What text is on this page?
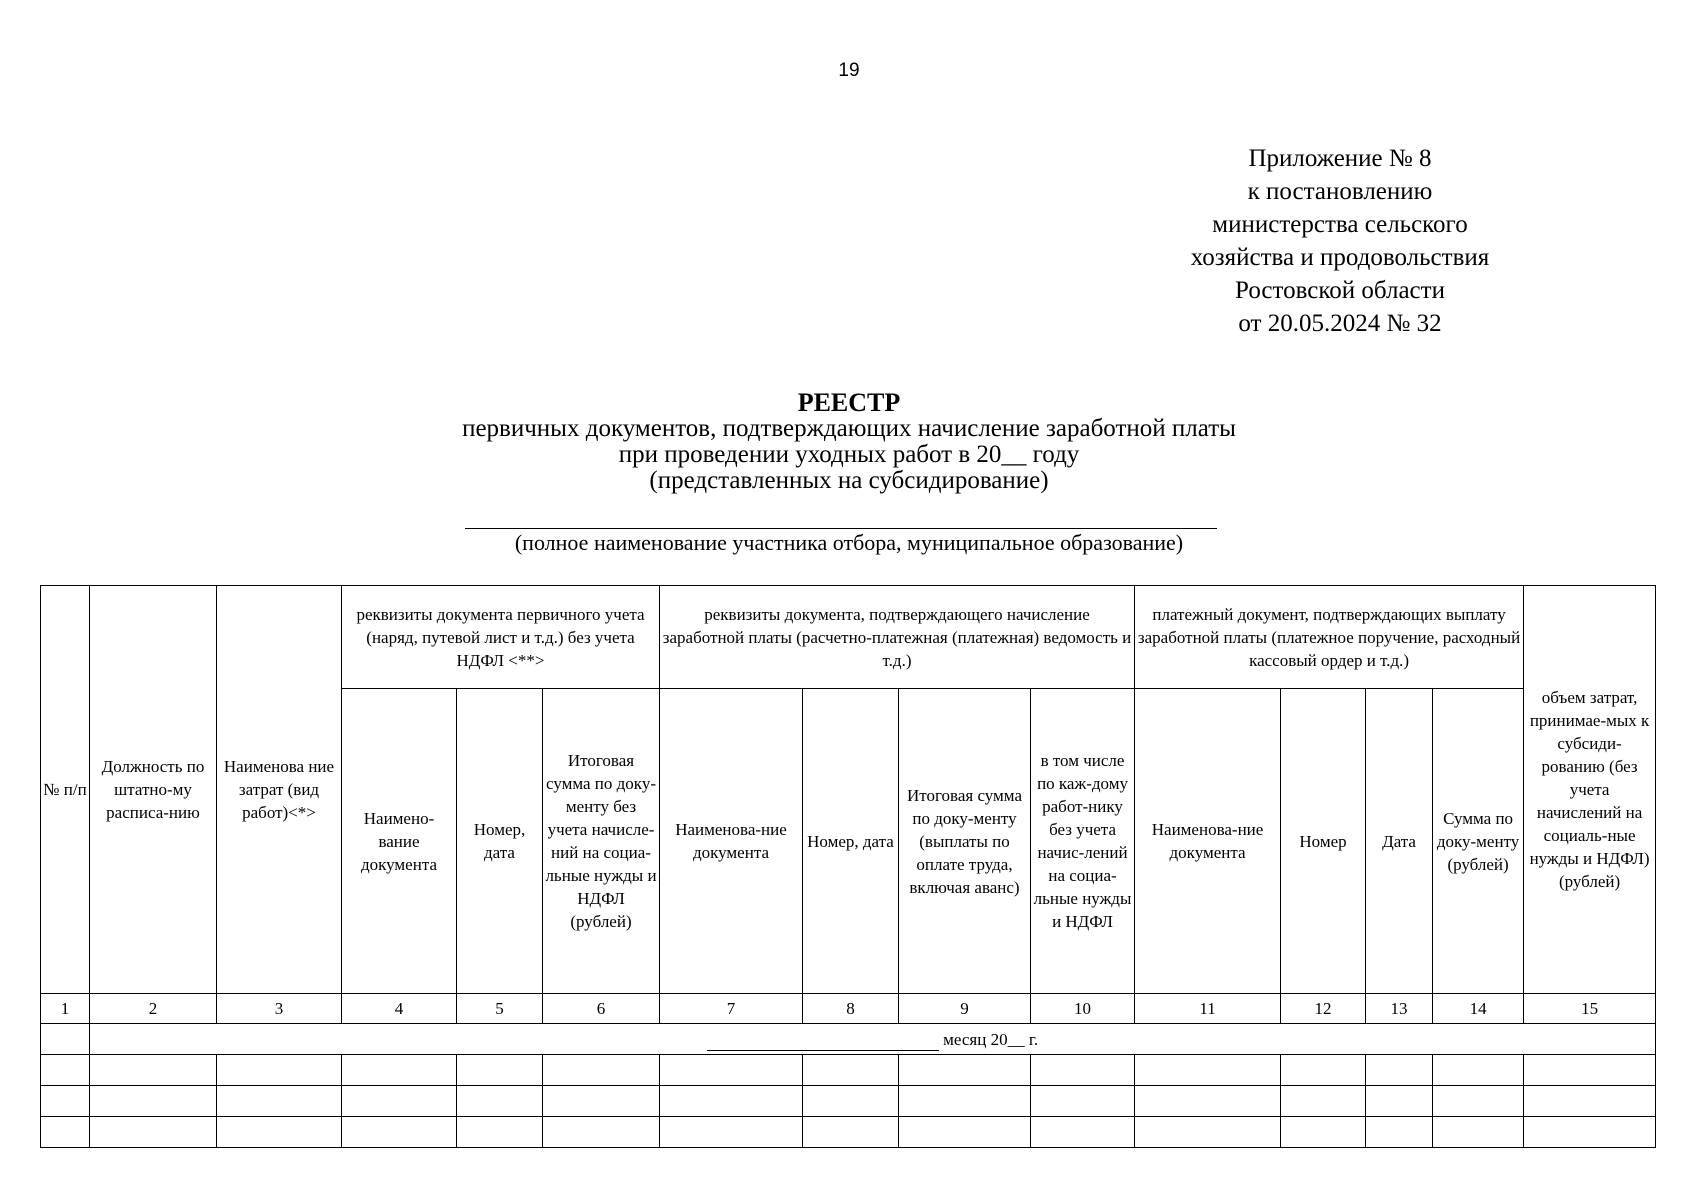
19
Приложение № 8
к постановлению
министерства сельского
хозяйства и продовольствия
Ростовской области
от 20.05.2024 № 32
РЕЕСТР
первичных документов, подтверждающих начисление заработной платы
при проведении уходных работ в 20__ году
(представленных на субсидирование)
(полное наименование участника отбора, муниципальное образование)
№ п/п	Должность по штатно-му расписа-нию	Наименова ние затрат (вид работ)<*>	реквизиты документа первичного учета (наряд, путевой лист и т.д.) без учета НДФЛ <**>			реквизиты документа, подтверждающего начисление заработной платы (расчетно-платежная (платежная) ведомость и т.д.)				платежный документ, подтверждающих выплату заработной платы (платежное поручение, расходный кассовый ордер и т.д.)				объем затрат, принимае-мых к субсиди-рованию (без учета начислений на социаль-ные нужды и НДФЛ) (рублей)
			Наимено-вание документа	Номер, дата	Итоговая сумма по доку-менту без учета начисле-ний на социа-льные нужды и НДФЛ (рублей)	Наименова-ние документа	Номер, дата	Итоговая сумма по доку-менту (выплаты по оплате труда, включая аванс)	в том числе по каж-дому работ-нику без учета начис-лений на социа-льные нужды и НДФЛ	Наименова-ние документа	Номер	Дата	Сумма по доку-менту (рублей)	
1	2	3	4	5	6	7	8	9	10	11	12	13	14	15
	месяц 20__ г.													
